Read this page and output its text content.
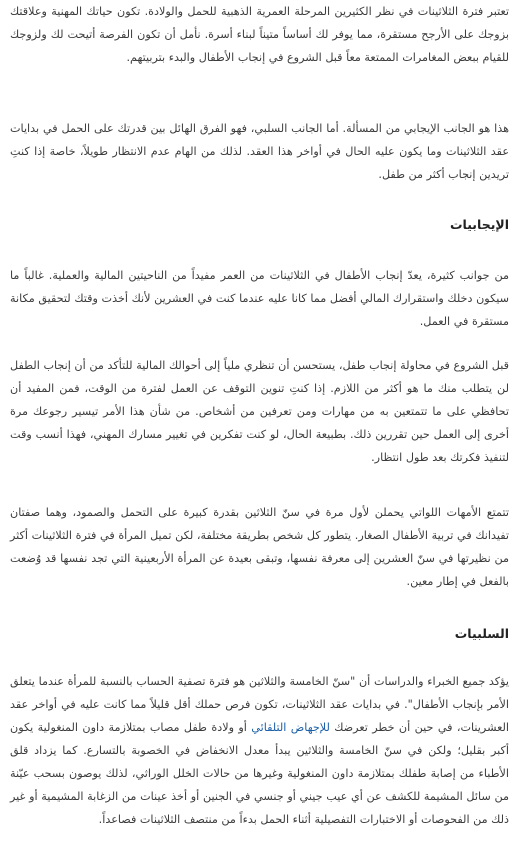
تعتبر فترة الثلاثينات في نظر الكثيرين المرحلة العمرية الذهبية للحمل والولادة. تكون حياتك المهنية وعلاقتك بزوجك على الأرجح مستقرة، مما يوفر لك أساساً متيناً لبناء أسرة. نأمل أن تكون الفرصة أتيحت لك ولزوجك للقيام ببعض المغامرات الممتعة معاً قبل الشروع في إنجاب الأطفال والبدء بتربيتهم.

هذا هو الجانب الإيجابي من المسألة. أما الجانب السلبي، فهو الفرق الهائل بين قدرتك على الحمل في بدايات عقد الثلاثينات وما يكون عليه الحال في أواخر هذا العقد. لذلك من الهام عدم الانتظار طويلاً، خاصة إذا كنتِ تريدين إنجاب أكثر من طفل.

الإيجابيات

من جوانب كثيرة، يعدّ إنجاب الأطفال في الثلاثينات من العمر مفيداً من الناحيتين المالية والعملية. غالباً ما سيكون دخلك واستقرارك المالي أفضل مما كانا عليه عندما كنت في العشرين لأنك أخذت وقتك لتحقيق مكانة مستقرة في العمل.

قبل الشروع في محاولة إنجاب طفل، يستحسن أن تنظري ملياً إلى أحوالك المالية للتأكد من أن إنجاب الطفل لن يتطلب منك ما هو أكثر من اللازم. إذا كنتِ تنوين التوقف عن العمل لفترة من الوقت، فمن المفيد أن تحافظي على ما تتمتعين به من مهارات ومن تعرفين من أشخاص. من شأن هذا الأمر تيسير رجوعك مرة أخرى إلى العمل حين تقررين ذلك. بطبيعة الحال، لو كنت تفكرين في تغيير مسارك المهني، فهذا أنسب وقت لتنفيذ فكرتك بعد طول انتظار.

تتمتع الأمهات اللواتي يحملن لأول مرة في سنّ الثلاثين بقدرة كبيرة على التحمل والصمود، وهما صفتان تفيدانك في تربية الأطفال الصغار. يتطور كل شخص بطريقة مختلفة، لكن تميل المرأة في فترة الثلاثينات أكثر من نظيرتها في سنّ العشرين إلى معرفة نفسها، وتبقى بعيدة عن المرأة الأربعينية التي تجد نفسها قد وُضعت بالفعل في إطار معين.

السلبيات

يؤكد جميع الخبراء والدراسات أن "سنّ الخامسة والثلاثين هو فترة تصفية الحساب بالنسبة للمرأة عندما يتعلق الأمر بإنجاب الأطفال". في بدايات عقد الثلاثينات، تكون فرص حملك أقل قليلاً مما كانت عليه في أواخر عقد العشرينات، في حين أن خطر تعرضك للإجهاض التلقائي أو ولادة طفل مصاب بمتلازمة داون المنغولية يكون أكبر بقليل؛ ولكن في سنّ الخامسة والثلاثين يبدأ معدل الانخفاض في الخصوبة بالتسارع. كما يزداد قلق الأطباء من إصابة طفلك بمتلازمة داون المنغولية وغيرها من حالات الخلل الوراثي، لذلك يوصون بسحب عيّنة من سائل المشيمة للكشف عن أي عيب جيني أو جنسي في الجنين أو أخذ عينات من الزغابة المشيمية أو غير ذلك من الفحوصات أو الاختبارات التفصيلية أثناء الحمل بدءاً من منتصف الثلاثينات فصاعداً.
